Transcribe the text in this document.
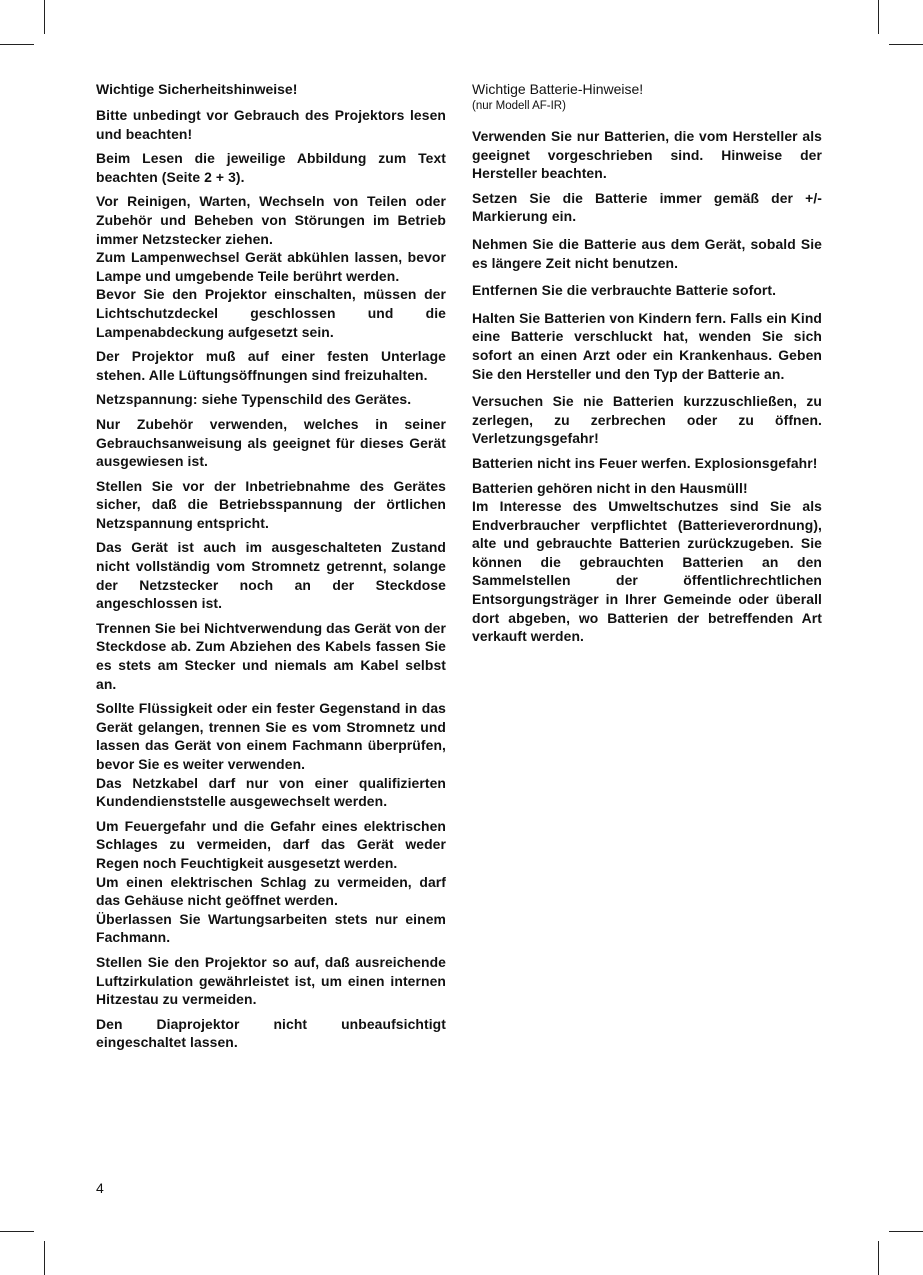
Wichtige Sicherheitshinweise!

Bitte unbedingt vor Gebrauch des Projektors lesen und beachten!

Beim Lesen die jeweilige Abbildung zum Text beachten (Seite 2 + 3).

Vor Reinigen, Warten, Wechseln von Teilen oder Zubehör und Beheben von Störungen im Betrieb immer Netzstecker ziehen.

Zum Lampenwechsel Gerät abkühlen lassen, bevor Lampe und umgebende Teile berührt werden.

Bevor Sie den Projektor einschalten, müssen der Lichtschutzdeckel geschlossen und die Lampenabdeckung aufgesetzt sein.

Der Projektor muß auf einer festen Unterlage stehen. Alle Lüftungsöffnungen sind freizuhalten.

Netzspannung: siehe Typenschild des Gerätes.

Nur Zubehör verwenden, welches in seiner Gebrauchsanweisung als geeignet für dieses Gerät ausgewiesen ist.

Stellen Sie vor der Inbetriebnahme des Gerätes sicher, daß die Betriebsspannung der örtlichen Netzspannung entspricht.

Das Gerät ist auch im ausgeschalteten Zustand nicht vollständig vom Stromnetz getrennt, solange der Netzstecker noch an der Steckdose angeschlossen ist.

Trennen Sie bei Nichtverwendung das Gerät von der Steckdose ab. Zum Abziehen des Kabels fassen Sie es stets am Stecker und niemals am Kabel selbst an.

Sollte Flüssigkeit oder ein fester Gegenstand in das Gerät gelangen, trennen Sie es vom Stromnetz und lassen das Gerät von einem Fachmann überprüfen, bevor Sie es weiter verwenden.

Das Netzkabel darf nur von einer qualifizierten Kundendienststelle ausgewechselt werden.

Um Feuergefahr und die Gefahr eines elektrischen Schlages zu vermeiden, darf das Gerät weder Regen noch Feuchtigkeit ausgesetzt werden.

Um einen elektrischen Schlag zu vermeiden, darf das Gehäuse nicht geöffnet werden.

Überlassen Sie Wartungsarbeiten stets nur einem Fachmann.

Stellen Sie den Projektor so auf, daß ausreichende Luftzirkulation gewährleistet ist, um einen internen Hitzestau zu vermeiden.

Den Diaprojektor nicht unbeaufsichtigt eingeschaltet lassen.

Wichtige Batterie-Hinweise!
(nur Modell AF-IR)

Verwenden Sie nur Batterien, die vom Hersteller als geeignet vorgeschrieben sind. Hinweise der Hersteller beachten.

Setzen Sie die Batterie immer gemäß der +/- Markierung ein.

Nehmen Sie die Batterie aus dem Gerät, sobald Sie es längere Zeit nicht benutzen.

Entfernen Sie die verbrauchte Batterie sofort.

Halten Sie Batterien von Kindern fern. Falls ein Kind eine Batterie verschluckt hat, wenden Sie sich sofort an einen Arzt oder ein Krankenhaus. Geben Sie den Hersteller und den Typ der Batterie an.

Versuchen Sie nie Batterien kurzzuschließen, zu zerlegen, zu zerbrechen oder zu öffnen. Verletzungsgefahr!

Batterien nicht ins Feuer werfen. Explosionsgefahr!

Batterien gehören nicht in den Hausmüll!

Im Interesse des Umweltschutzes sind Sie als Endverbraucher verpflichtet (Batterieverordnung), alte und gebrauchte Batterien zurückzugeben. Sie können die gebrauchten Batterien an den Sammelstellen der öffentlichrechtlichen Entsorgungsträger in Ihrer Gemeinde oder überall dort abgeben, wo Batterien der betreffenden Art verkauft werden.

4
